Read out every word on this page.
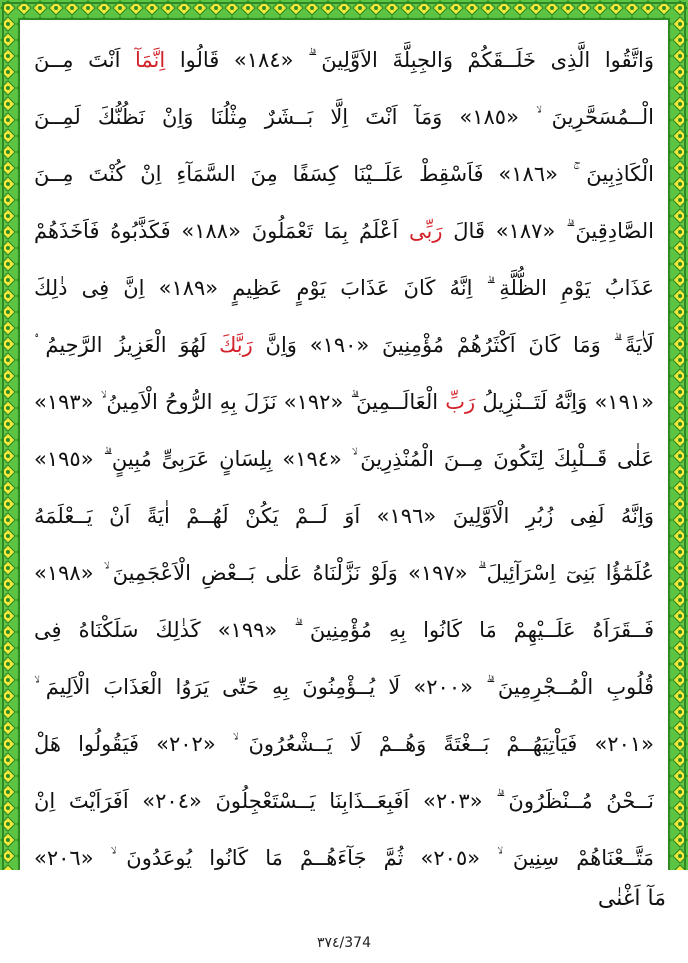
وَاتَّقُوا الَّذِى خَلَــقَكُمْ وَالجِبِلَّةَ الاَوَّلِينَ ۗ «١٨٤» قَالُوا اِنَّمَآ اَنْتَ مِــنَ
الْــمُسَحَّرِينَ ۙ «١٨٥» وَمَآ اَنْتَ اِلَّا بَــشَرٌ مِثْلُنَا وَاِنْ نَظُنُّكَ لَمِــنَ
الْكَاذِبِينَ ۚ «١٨٦» فَاَسْقِطْ عَلَــيْنَا كِسَفًا مِنَ السَّمَآءِ اِنْ كُنْتَ مِــنَ
الصَّادِقِينَ ۗ «١٨٧» قَالَ رَبِّى اَعْلَمُ بِمَا تَعْمَلُونَ «١٨٨» فَكَذَّبُوهُ فَاَخَذَهُمْ
عَذَابُ يَوْمِ الظُّلَّةِ ۗ اِنَّهُ كَانَ عَذَابَ يَوْمٍ عَظِيمٍ «١٨٩» اِنَّ فِى ذٰلِكَ
لَاٰيَةً ۗ وَمَا كَانَ اَكْثَرُهُمْ مُؤْمِنِينَ «١٩٠» وَاِنَّ رَبَّكَ لَهُوَ الْعَزِيزُ الرَّحِيمُ ۟
«١٩١» وَاِنَّهُ لَتَــنْزِيلُ رَبِّ الْعَالَــمِينَ ۗ «١٩٢» نَزَلَ بِهِ الرُّوحُ الْاَمِينُ ۙ «١٩٣»
عَلٰى قَــلْبِكَ لِتَكُونَ مِــنَ الْمُنْذِرِينَ ۙ «١٩٤» بِلِسَانٍ عَرَبِىٍّ مُبِينٍ ۗ «١٩٥»
وَاِنَّهُ لَفِى زُبُرِ الْاَوَّلِينَ «١٩٦» اَوَ لَــمْ يَكُنْ لَهُــمْ اٰيَةً اَنْ يَــعْلَمَهُ
عُلَمٰٓؤُا بَنِىٓ اِسْرَآئِيلَ ۗ «١٩٧» وَلَوْ نَزَّلْنَاهُ عَلٰى بَــعْضِ الْاَعْجَمِينَ ۙ «١٩٨»
فَــقَرَاَهُ عَلَــيْهِمْ مَا كَانُوا بِهِ مُؤْمِنِينَ ۗ «١٩٩» كَذٰلِكَ سَلَكْنَاهُ فِى
قُلُوبِ الْمُــجْرِمِينَ ۗ «٢٠٠» لَا يُــؤْمِنُونَ بِهِ حَتّٰى يَرَوُا الْعَذَابَ الْاَلِيمَ ۙ
«٢٠١» فَيَاْتِيَهُــمْ بَــغْتَةً وَهُــمْ لَا يَــشْعُرُونَ ۙ «٢٠٢» فَيَقُولُوا هَلْ
نَــحْنُ مُــنْظَرُونَ ۗ «٢٠٣» اَفَبِعَــذَابِنَا يَــسْتَعْجِلُونَ «٢٠٤» اَفَرَاَيْتَ اِنْ
مَتَّــعْنَاهُمْ سِنِينَ ۙ «٢٠٥» ثُمَّ جَآءَهُــمْ مَا كَانُوا يُوعَدُونَ ۙ «٢٠٦»
مَآ اَغْنٰى
٣٧٤/374
